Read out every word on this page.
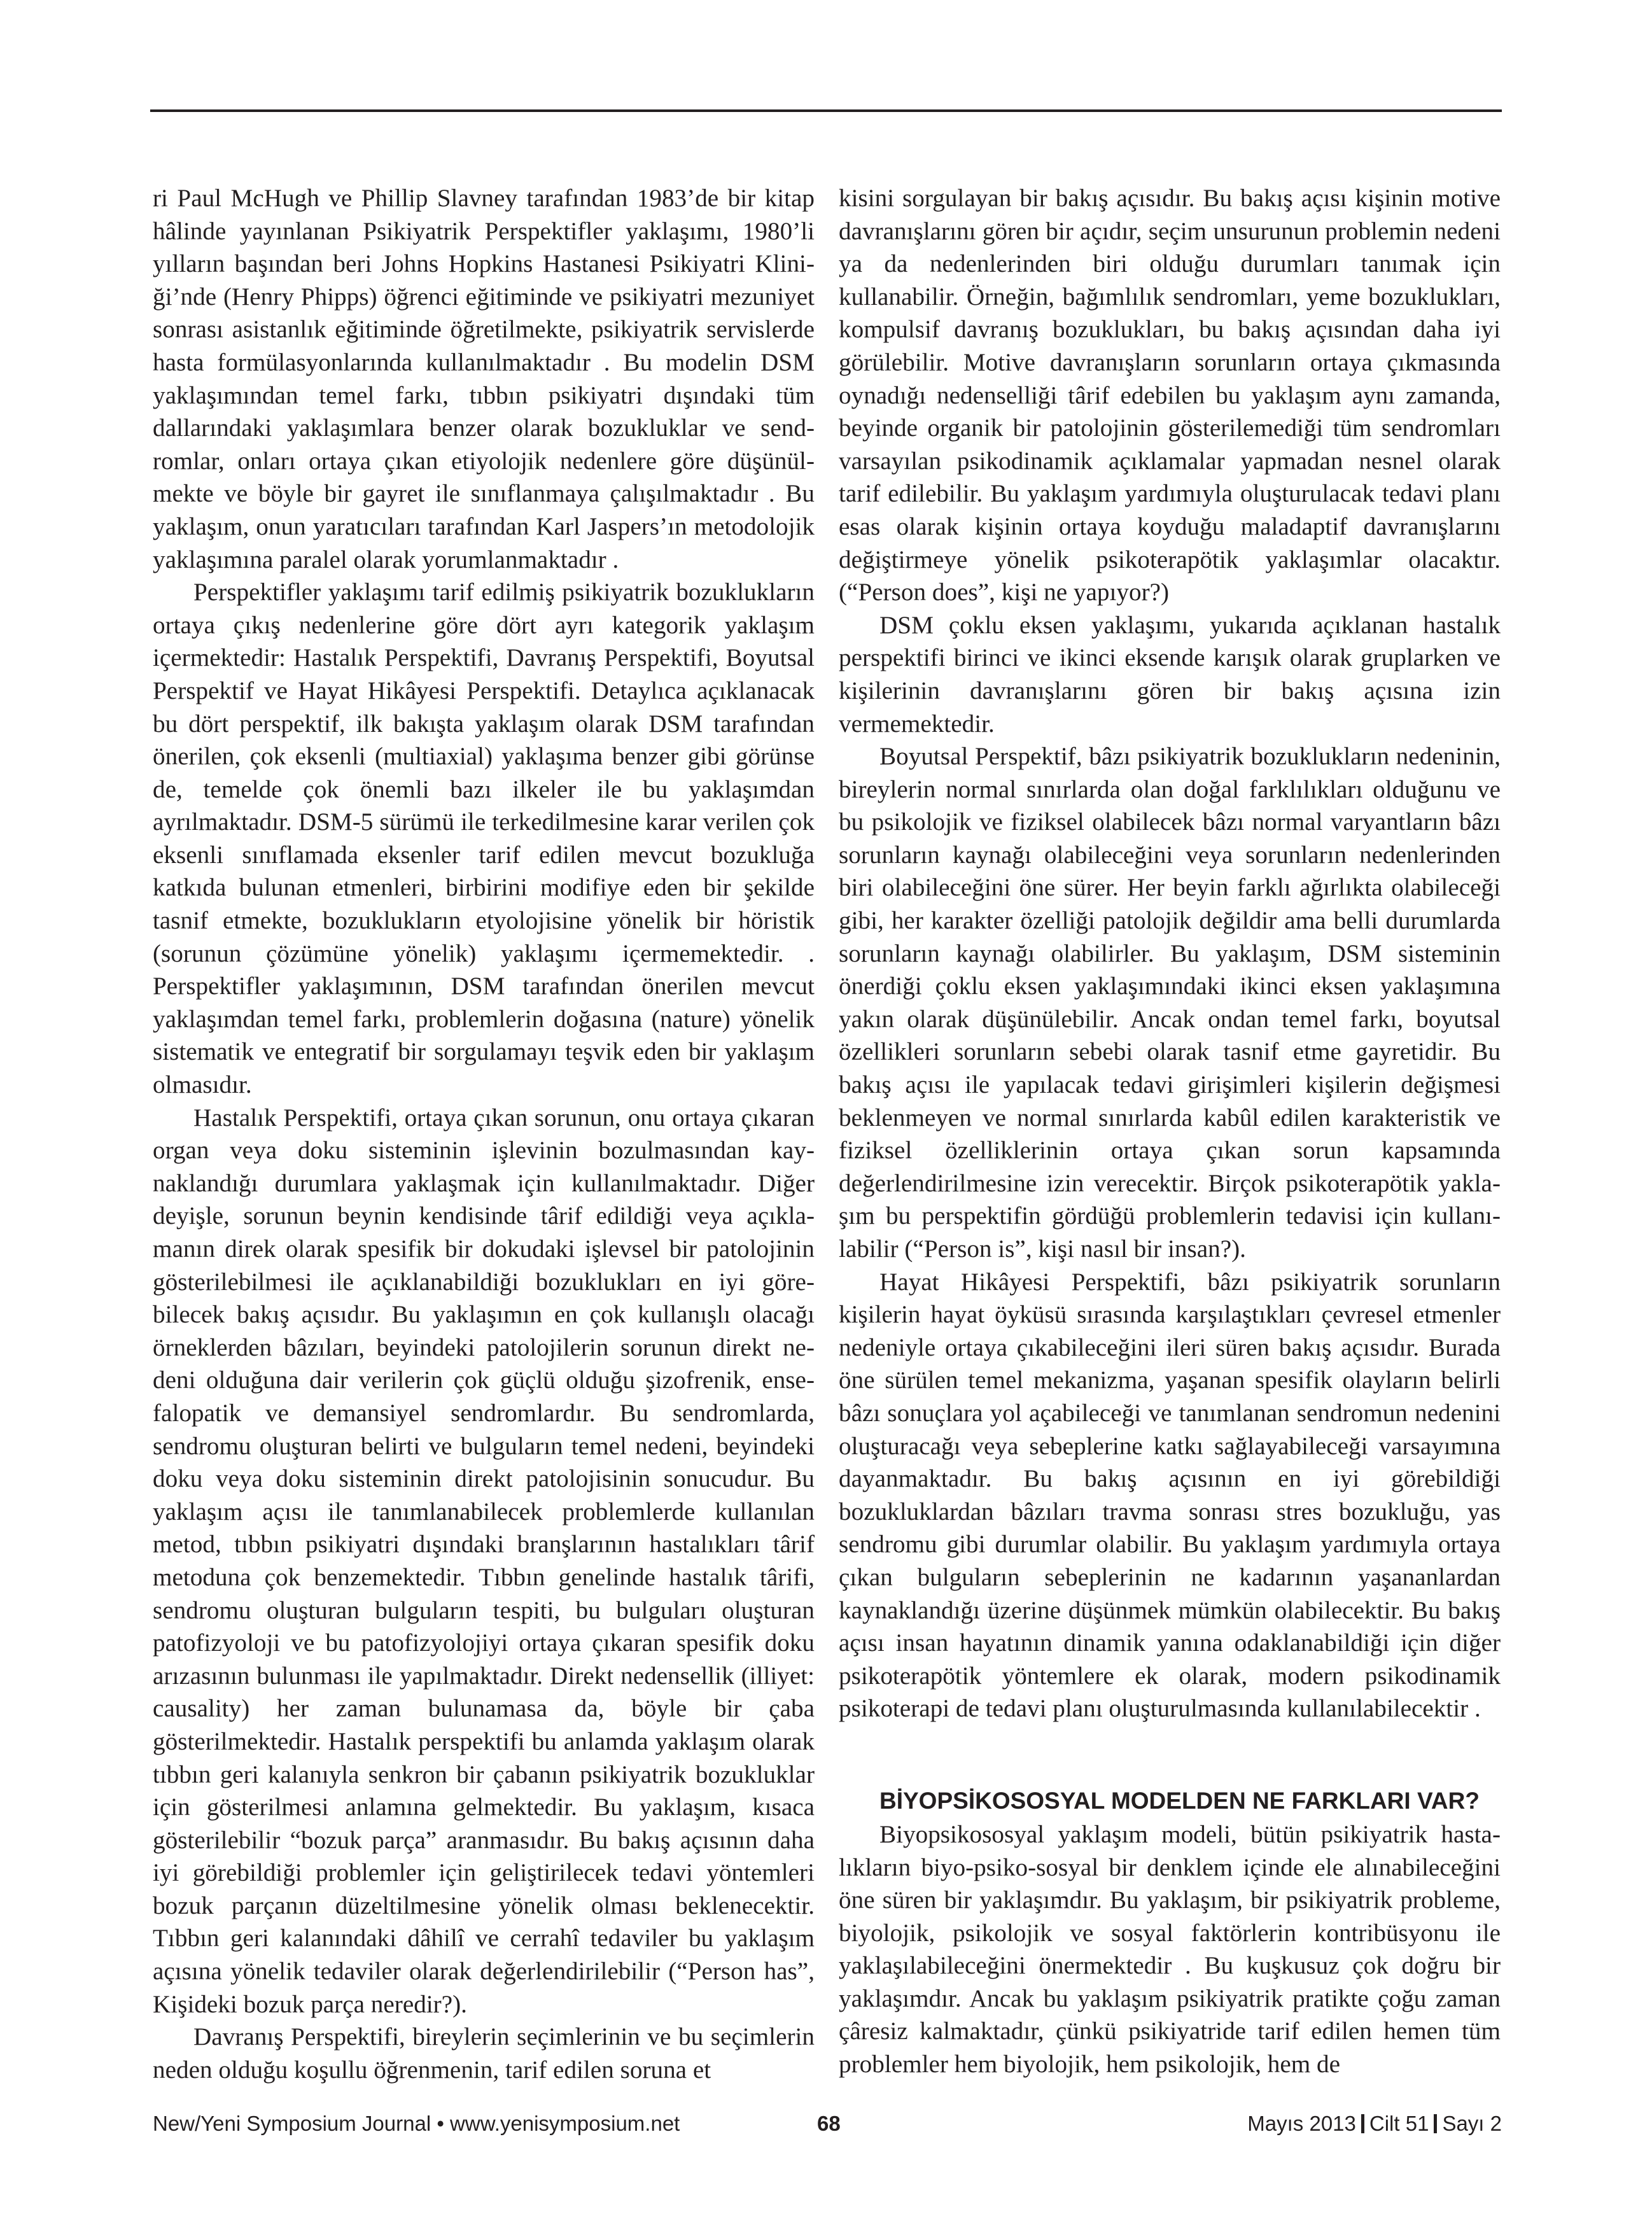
ri Paul McHugh ve Phillip Slavney tarafından 1983’de bir kitap hâlinde yayınlanan Psikiyatrik Perspektifler yaklaşımı, 1980’li yılların başından beri Johns Hopkins Hastanesi Psikiyatri Kliniği’nde (Henry Phipps) öğrenci eğitiminde ve psikiyatri mezuniyet sonrası asistanlık eğitiminde öğretilmekte, psikiyatrik servislerde hasta formülasyonlarında kullanılmaktadır . Bu modelin DSM yaklaşımından temel farkı, tıbbın psikiyatri dışındaki tüm dallarındaki yaklaşımlara benzer olarak bozukluklar ve sendromlar, onları ortaya çıkan etiyolojik nedenlere göre düşünülmekte ve böyle bir gayret ile sınıflanmaya çalışılmaktadır . Bu yaklaşım, onun yaratıcıları tarafından Karl Jaspers’ın metodolojik yaklaşımına paralel olarak yorumlanmaktadır .

Perspektifler yaklaşımı tarif edilmiş psikiyatrik bozuklukların ortaya çıkış nedenlerine göre dört ayrı kategorik yaklaşım içermektedir: Hastalık Perspektifi, Davranış Perspektifi, Boyutsal Perspektif ve Hayat Hikâyesi Perspektifi. Detaylıca açıklanacak bu dört perspektif, ilk bakışta yaklaşım olarak DSM tarafından önerilen, çok eksenli (multiaxial) yaklaşıma benzer gibi görünse de, temelde çok önemli bazı ilkeler ile bu yaklaşımdan ayrılmaktadır. DSM-5 sürümü ile terkedilmesine karar verilen çok eksenli sınıflamada eksenler tarif edilen mevcut bozukluğa katkıda bulunan etmenleri, birbirini modifiye eden bir şekilde tasnif etmekte, bozuklukların etyolojisine yönelik bir höristik (sorunun çözümüne yönelik) yaklaşımı içermemektedir. . Perspektifler yaklaşımının, DSM tarafından önerilen mevcut yaklaşımdan temel farkı, problemlerin doğasına (nature) yönelik sistematik ve entegratif bir sorgulamayı teşvik eden bir yaklaşım olmasıdır.

Hastalık Perspektifi, ortaya çıkan sorunun, onu ortaya çıkaran organ veya doku sisteminin işlevinin bozulmasından kaynaklandığı durumlara yaklaşmak için kullanılmaktadır. Diğer deyişle, sorunun beynin kendisinde târif edildiği veya açıklamanın direk olarak spesifik bir dokudaki işlevsel bir patolojinin gösterilebilmesi ile açıklanabildiği bozuklukları en iyi görebilecek bakış açısıdır. Bu yaklaşımın en çok kullanışlı olacağı örneklerden bâzıları, beyindeki patolojilerin sorunun direkt nedeni olduğuna dair verilerin çok güçlü olduğu şizofrenik, ensefalopatik ve demansiyel sendromlardır. Bu sendromlarda, sendromu oluşturan belirti ve bulguların temel nedeni, beyindeki doku veya doku sisteminin direkt patolojisinin sonucudur. Bu yaklaşım açısı ile tanımlanabilecek problemlerde kullanılan metod, tıbbın psikiyatri dışındaki branşlarının hastalıkları târif metoduna çok benzemektedir. Tıbbın genelinde hastalık târifi, sendromu oluşturan bulguların tespiti, bu bulguları oluşturan patofizyoloji ve bu patofizyolojiyi ortaya çıkaran spesifik doku arızasının bulunması ile yapılmaktadır. Direkt nedensellik (illiyet: causality) her zaman bulunamasa da, böyle bir çaba gösterilmektedir. Hastalık perspektifi bu anlamda yaklaşım olarak tıbbın geri kalanıyla senkron bir çabanın psikiyatrik bozukluklar için gösterilmesi anlamına gelmektedir. Bu yaklaşım, kısaca gösterilebilir “bozuk parça” aranmasıdır. Bu bakış açısının daha iyi görebildiği problemler için geliştirilecek tedavi yöntemleri bozuk parçanın düzeltilmesine yönelik olması beklenecektir. Tıbbın geri kalanındaki dâhilî ve cerrahî tedaviler bu yaklaşım açısına yönelik tedaviler olarak değerlendirilebilir (“Person has”, Kişideki bozuk parça neredir?).

Davranış Perspektifi, bireylerin seçimlerinin ve bu seçimlerin neden olduğu koşullu öğrenmenin, tarif edilen soruna et

kisini sorgulayan bir bakış açısıdır. Bu bakış açısı kişinin motive davranışlarını gören bir açıdır, seçim unsurunun problemin nedeni ya da nedenlerinden biri olduğu durumları tanımak için kullanabilir. Örneğin, bağımlılık sendromları, yeme bozuklukları, kompulsif davranış bozuklukları, bu bakış açısından daha iyi görülebilir. Motive davranışların sorunların ortaya çıkmasında oynadığı nedenselliği târif edebilen bu yaklaşım aynı zamanda, beyinde organik bir patolojinin gösterilemediği tüm sendromları varsayılan psikodinamik açıklamalar yapmadan nesnel olarak tarif edilebilir. Bu yaklaşım yardımıyla oluşturulacak tedavi planı esas olarak kişinin ortaya koyduğu maladaptif davranışlarını değiştirmeye yönelik psikoterapötik yaklaşımlar olacaktır. (“Person does”, kişi ne yapıyor?)

DSM çoklu eksen yaklaşımı, yukarıda açıklanan hastalık perspektifi birinci ve ikinci eksende karışık olarak gruplarken ve kişilerinin davranışlarını gören bir bakış açısına izin vermemektedir.

Boyutsal Perspektif, bâzı psikiyatrik bozuklukların nedeninin, bireylerin normal sınırlarda olan doğal farklılıkları olduğunu ve bu psikolojik ve fiziksel olabilecek bâzı normal varyantların bâzı sorunların kaynağı olabileceğini veya sorunların nedenlerinden biri olabileceğini öne sürer. Her beyin farklı ağırlıkta olabileceği gibi, her karakter özelliği patolojik değildir ama belli durumlarda sorunların kaynağı olabilirler. Bu yaklaşım, DSM sisteminin önerdiği çoklu eksen yaklaşımındaki ikinci eksen yaklaşımına yakın olarak düşünülebilir. Ancak ondan temel farkı, boyutsal özellikleri sorunların sebebi olarak tasnif etme gayretidir. Bu bakış açısı ile yapılacak tedavi girişimleri kişilerin değişmesi beklenmeyen ve normal sınırlarda kabûl edilen karakteristik ve fiziksel özelliklerinin ortaya çıkan sorun kapsamında değerlendirilmesine izin verecektir. Birçok psikoterapötik yaklaşım bu perspektifin gördüğü problemlerin tedavisi için kullanılabilir (“Person is”, kişi nasıl bir insan?).

Hayat Hikâyesi Perspektifi, bâzı psikiyatrik sorunların kişilerin hayat öyküsü sırasında karşılaştıkları çevresel etmenler nedeniyle ortaya çıkabileceğini ileri süren bakış açısıdır. Burada öne sürülen temel mekanizma, yaşanan spesifik olayların belirli bâzı sonuçlara yol açabileceği ve tanımlanan sendromun nedenini oluşturacağı veya sebeplerine katkı sağlayabileceği varsayımına dayanmaktadır. Bu bakış açısının en iyi görebildiği bozukluklardan bâzıları travma sonrası stres bozukluğu, yas sendromu gibi durumlar olabilir. Bu yaklaşım yardımıyla ortaya çıkan bulguların sebeplerinin ne kadarının yaşananlardan kaynaklandığı üzerine düşünmek mümkün olabilecektir. Bu bakış açısı insan hayatının dinamik yanına odaklanabildiği için diğer psikoterapötik yöntemlere ek olarak, modern psikodinamik psikoterapi de tedavi planı oluşturulmasında kullanılabilecektir .

BİYOPSİKOSOSYAL MODELDEN NE FARKLARI VAR?

Biyopsikososyal yaklaşım modeli, bütün psikiyatrik hastalıkların biyo-psiko-sosyal bir denklem içinde ele alınabileceğini öne süren bir yaklaşımdır. Bu yaklaşım, bir psikiyatrik probleme, biyolojik, psikolojik ve sosyal faktörlerin kontribüsyonu ile yaklaşılabileceğini önermektedir . Bu kuşkusuz çok doğru bir yaklaşımdır. Ancak bu yaklaşım psikiyatrik pratikte çoğu zaman çâresiz kalmaktadır, çünkü psikiyatride tarif edilen hemen tüm problemler hem biyolojik, hem psikolojik, hem de

New/Yeni Symposium Journal • www.yenisymposium.net	68	Mayıs 2013 Cilt 51 Sayı 2
